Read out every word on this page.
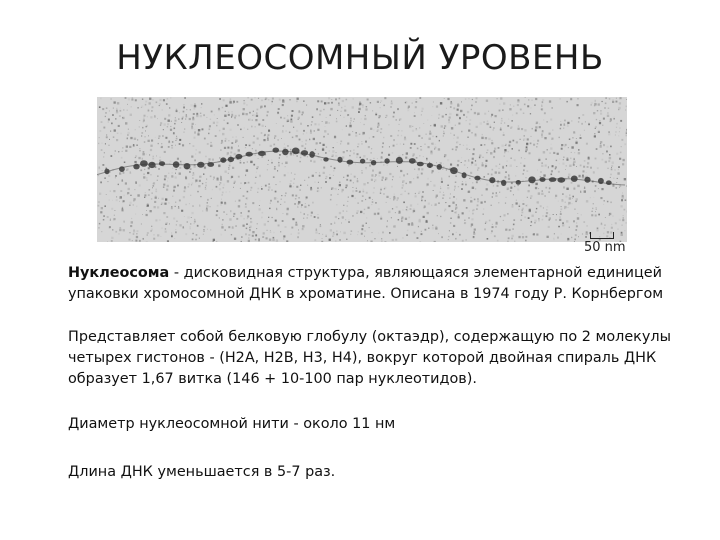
НУКЛЕОСОМНЫЙ УРОВЕНЬ
50 nm
Нуклеосома - дисковидная структура, являющаяся элементарной единицей упаковки хромосомной ДНК в хроматине. Описана в 1974 году Р. Корнбергом
Представляет собой белковую глобулу (октаэдр), содержащую по 2 молекулы четырех гистонов - (Н2А, Н2В, Н3, Н4), вокруг которой двойная спираль ДНК образует 1,67 витка (146 + 10-100 пар нуклеотидов).
Диаметр нуклеосомной нити - около 11 нм
Длина ДНК уменьшается в 5-7 раз.
